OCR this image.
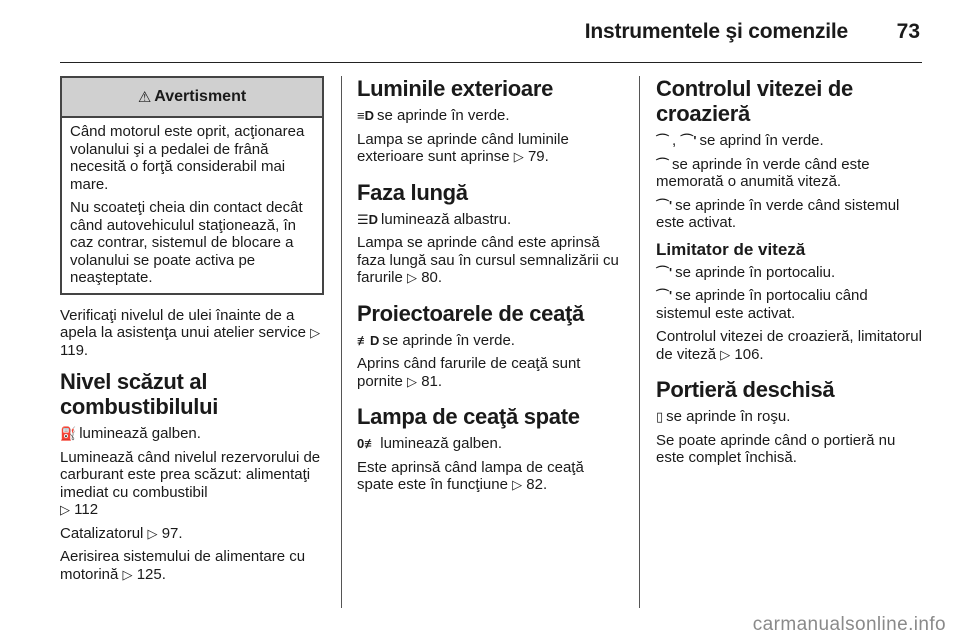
Instrumentele şi comenzile 73
⚠ Avertisment

Când motorul este oprit, acţionarea volanului şi a pedalei de frână necesită o forţă considerabil mai mare.

Nu scoateţi cheia din contact decât când autovehiculul staţionează, în caz contrar, sistemul de blocare a volanului se poate activa pe neaşteptate.

Verificaţi nivelul de ulei înainte de a apela la asistenţa unui atelier service ▷ 119.

Nivel scăzut al combustibilului

⛽ luminează galben.

Luminează când nivelul rezervorului de carburant este prea scăzut: alimentaţi imediat cu combustibil
▷ 112

Catalizatorul ▷ 97.

Aerisirea sistemului de alimentare cu motorină ▷ 125.

Luminile exterioare

≡D se aprinde în verde.

Lampa se aprinde când luminile exterioare sunt aprinse ▷ 79.

Faza lungă

☰D luminează albastru.

Lampa se aprinde când este aprinsă faza lungă sau în cursul semnalizării cu farurile ▷ 80.

Proiectoarele de ceaţă

≢D se aprinde în verde.

Aprins când farurile de ceaţă sunt pornite ▷ 81.

Lampa de ceaţă spate

0≢ luminează galben.

Este aprinsă când lampa de ceaţă spate este în funcţiune ▷ 82.

Controlul vitezei de croazieră

⌒ , ⌒' se aprind în verde.

⌒ se aprinde în verde când este memorată o anumită viteză.

⌒' se aprinde în verde când sistemul este activat.

Limitator de viteză

⌒' se aprinde în portocaliu.

⌒' se aprinde în portocaliu când sistemul este activat.

Controlul vitezei de croazieră, limitatorul de viteză ▷ 106.

Portieră deschisă

▯ se aprinde în roşu.

Se poate aprinde când o portieră nu este complet închisă.

carmanualsonline.info
